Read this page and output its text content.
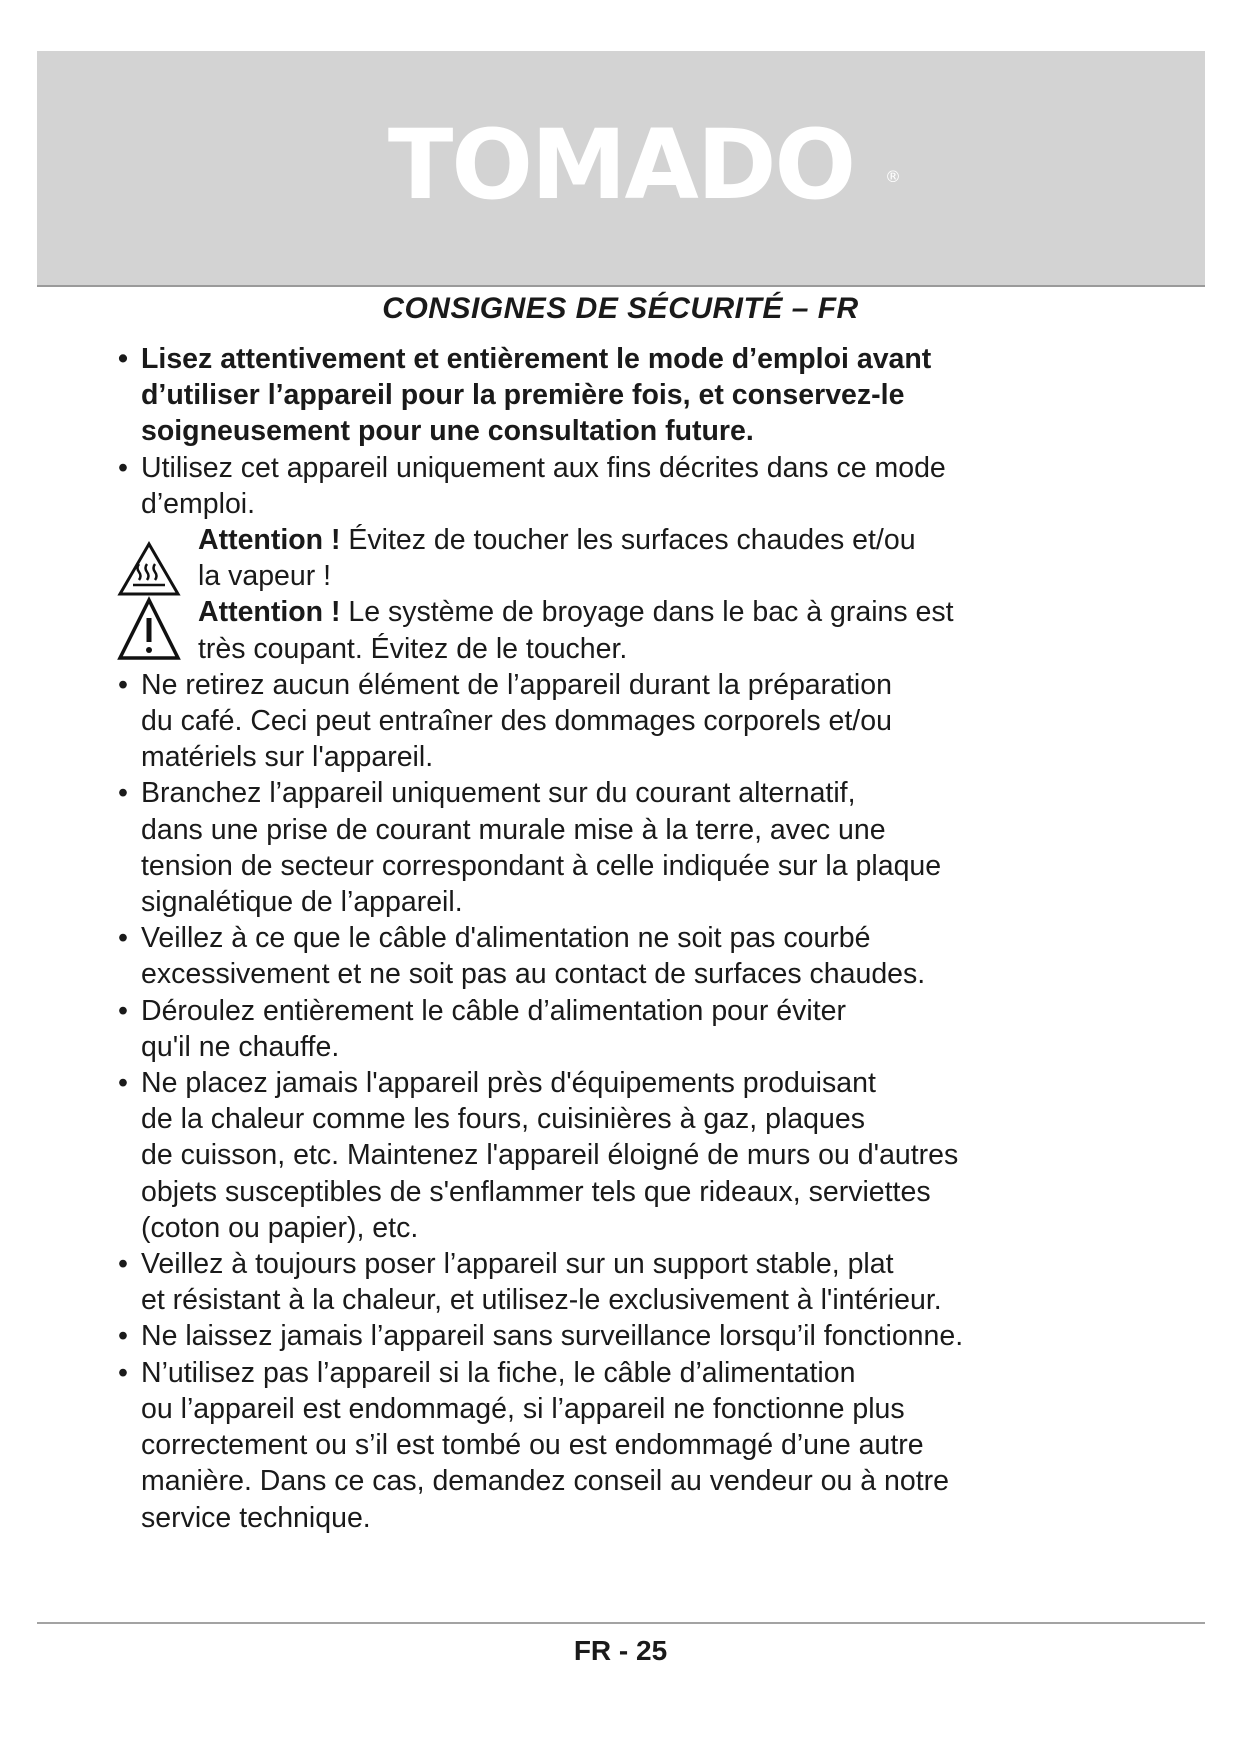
TOMADO ®
CONSIGNES DE SÉCURITÉ – FR
• Lisez attentivement et entièrement le mode d’emploi avant
d’utiliser l’appareil pour la première fois, et conservez-le
soigneusement pour une consultation future.
• Utilisez cet appareil uniquement aux fins décrites dans ce mode
d’emploi.
Attention ! Évitez de toucher les surfaces chaudes et/ou
la vapeur !
Attention ! Le système de broyage dans le bac à grains est
très coupant. Évitez de le toucher.
• Ne retirez aucun élément de l’appareil durant la préparation
du café. Ceci peut entraîner des dommages corporels et/ou
matériels sur l'appareil.
• Branchez l’appareil uniquement sur du courant alternatif,
dans une prise de courant murale mise à la terre, avec une
tension de secteur correspondant à celle indiquée sur la plaque
signalétique de l’appareil.
• Veillez à ce que le câble d'alimentation ne soit pas courbé
excessivement et ne soit pas au contact de surfaces chaudes.
• Déroulez entièrement le câble d’alimentation pour éviter
qu'il ne chauffe.
• Ne placez jamais l'appareil près d'équipements produisant
de la chaleur comme les fours, cuisinières à gaz, plaques
de cuisson, etc. Maintenez l'appareil éloigné de murs ou d'autres
objets susceptibles de s'enflammer tels que rideaux, serviettes
(coton ou papier), etc.
• Veillez à toujours poser l’appareil sur un support stable, plat
et résistant à la chaleur, et utilisez-le exclusivement à l'intérieur.
• Ne laissez jamais l’appareil sans surveillance lorsqu’il fonctionne.
• N’utilisez pas l’appareil si la fiche, le câble d’alimentation
ou l’appareil est endommagé, si l’appareil ne fonctionne plus
correctement ou s’il est tombé ou est endommagé d’une autre
manière. Dans ce cas, demandez conseil au vendeur ou à notre
service technique.
FR - 25
